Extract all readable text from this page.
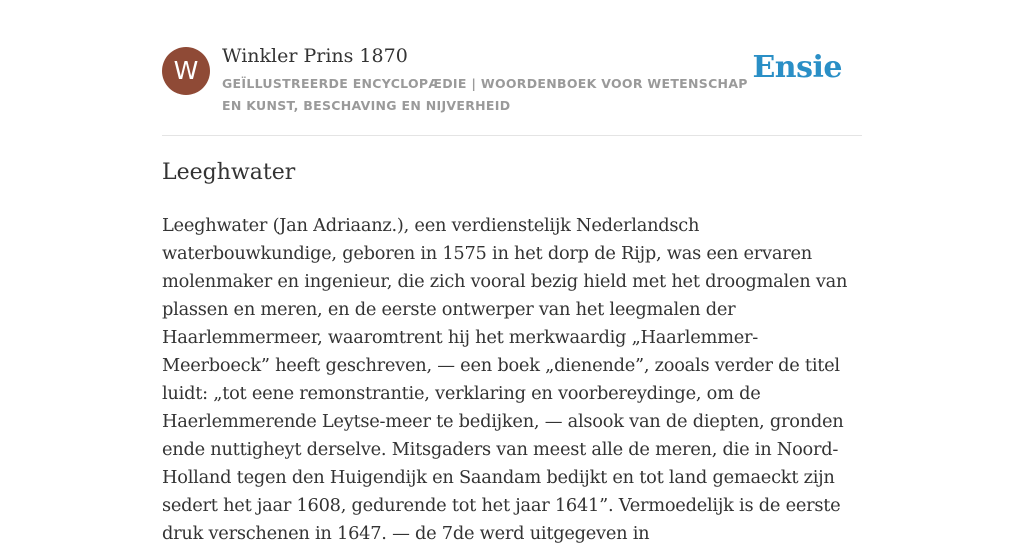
W	Winkler Prins 1870
GEÏLLUSTREERDE ENCYCLOPÆDIE | WOORDENBOEK VOOR WETENSCHAP EN KUNST, BESCHAVING EN NIJVERHEID
Ensie
Leeghwater

Leeghwater (Jan Adriaanz.), een verdienstelijk Nederlandsch waterbouwkundige, geboren in 1575 in het dorp de Rijp, was een ervaren molenmaker en ingenieur, die zich vooral bezig hield met het droogmalen van plassen en meren, en de eerste ontwerper van het leegmalen der Haarlemmermeer, waaromtrent hij het merkwaardig „Haarlemmer-Meerboeck” heeft geschreven, — een boek „dienende”, zooals verder de titel luidt: „tot eene remonstrantie, verklaring en voorbereydinge, om de Haerlemmerende Leytse-meer te bedijken, — alsook van de diepten, gronden ende nuttigheyt derselve. Mitsgaders van meest alle de meren, die in Noord-Holland tegen den Huigendijk en Saandam bedijkt en tot land gemaeckt zijn sedert het jaar 1608, gedurende tot het jaar 1641”. Vermoedelijk is de eerste druk verschenen in 1647. — de 7de werd uitgegeven in
